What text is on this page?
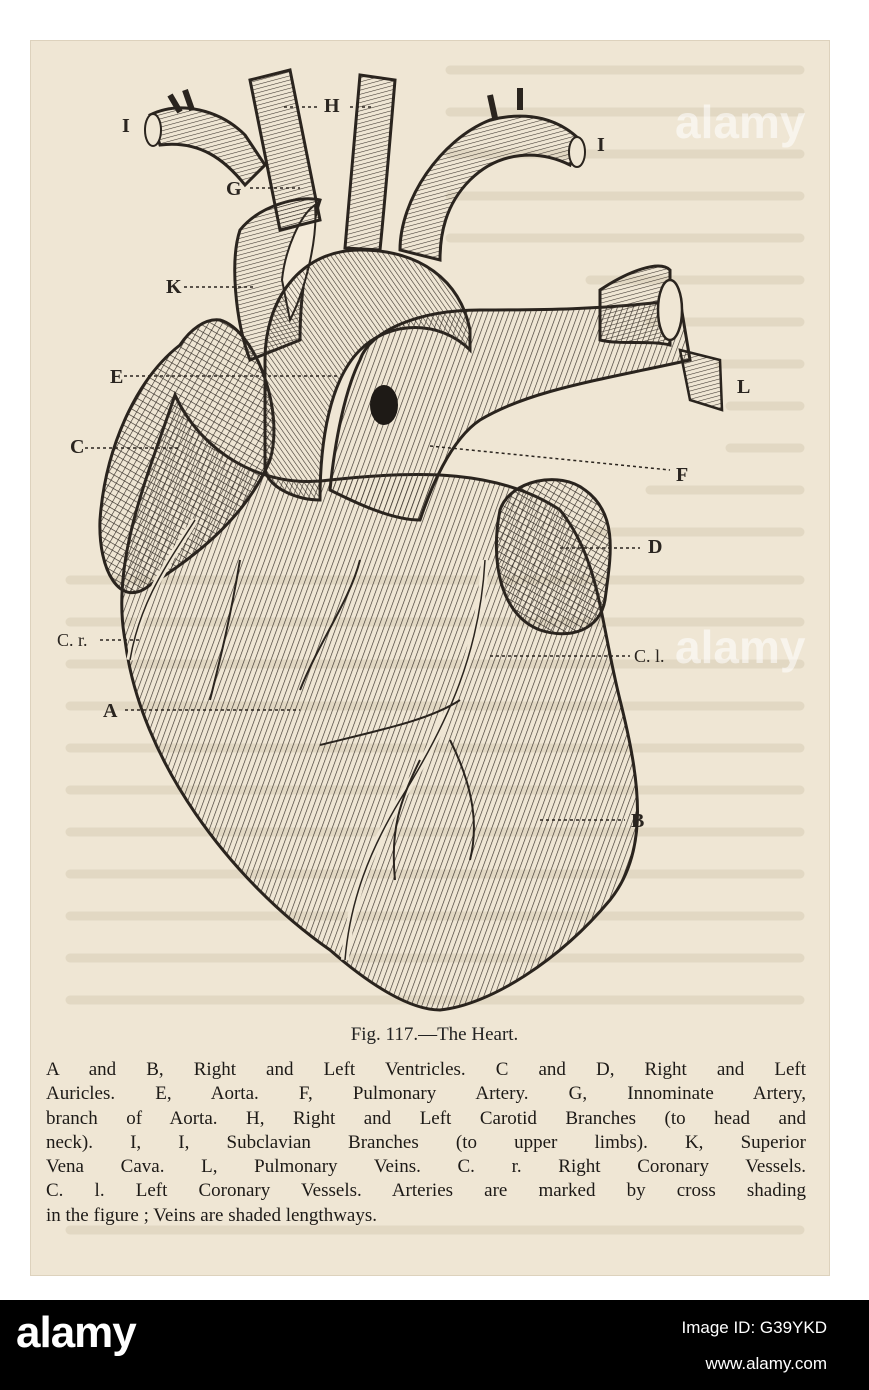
H
I
I
G
K
E	L
C
F
D
C. r.
C. l.
A
B
alamy
alamy
Fig. 117.—The Heart.
A and B, Right and Left Ventricles. C and D, Right and Left
Auricles. E, Aorta. F, Pulmonary Artery. G, Innominate Artery,
branch of Aorta. H, Right and Left Carotid Branches (to head and
neck). I, I, Subclavian Branches (to upper limbs). K, Superior
Vena Cava. L, Pulmonary Veins. C. r. Right Coronary Vessels.
C. l. Left Coronary Vessels. Arteries are marked by cross shading
in the figure ; Veins are shaded lengthways.
alamy	Image ID: G39YKD
www.alamy.com
